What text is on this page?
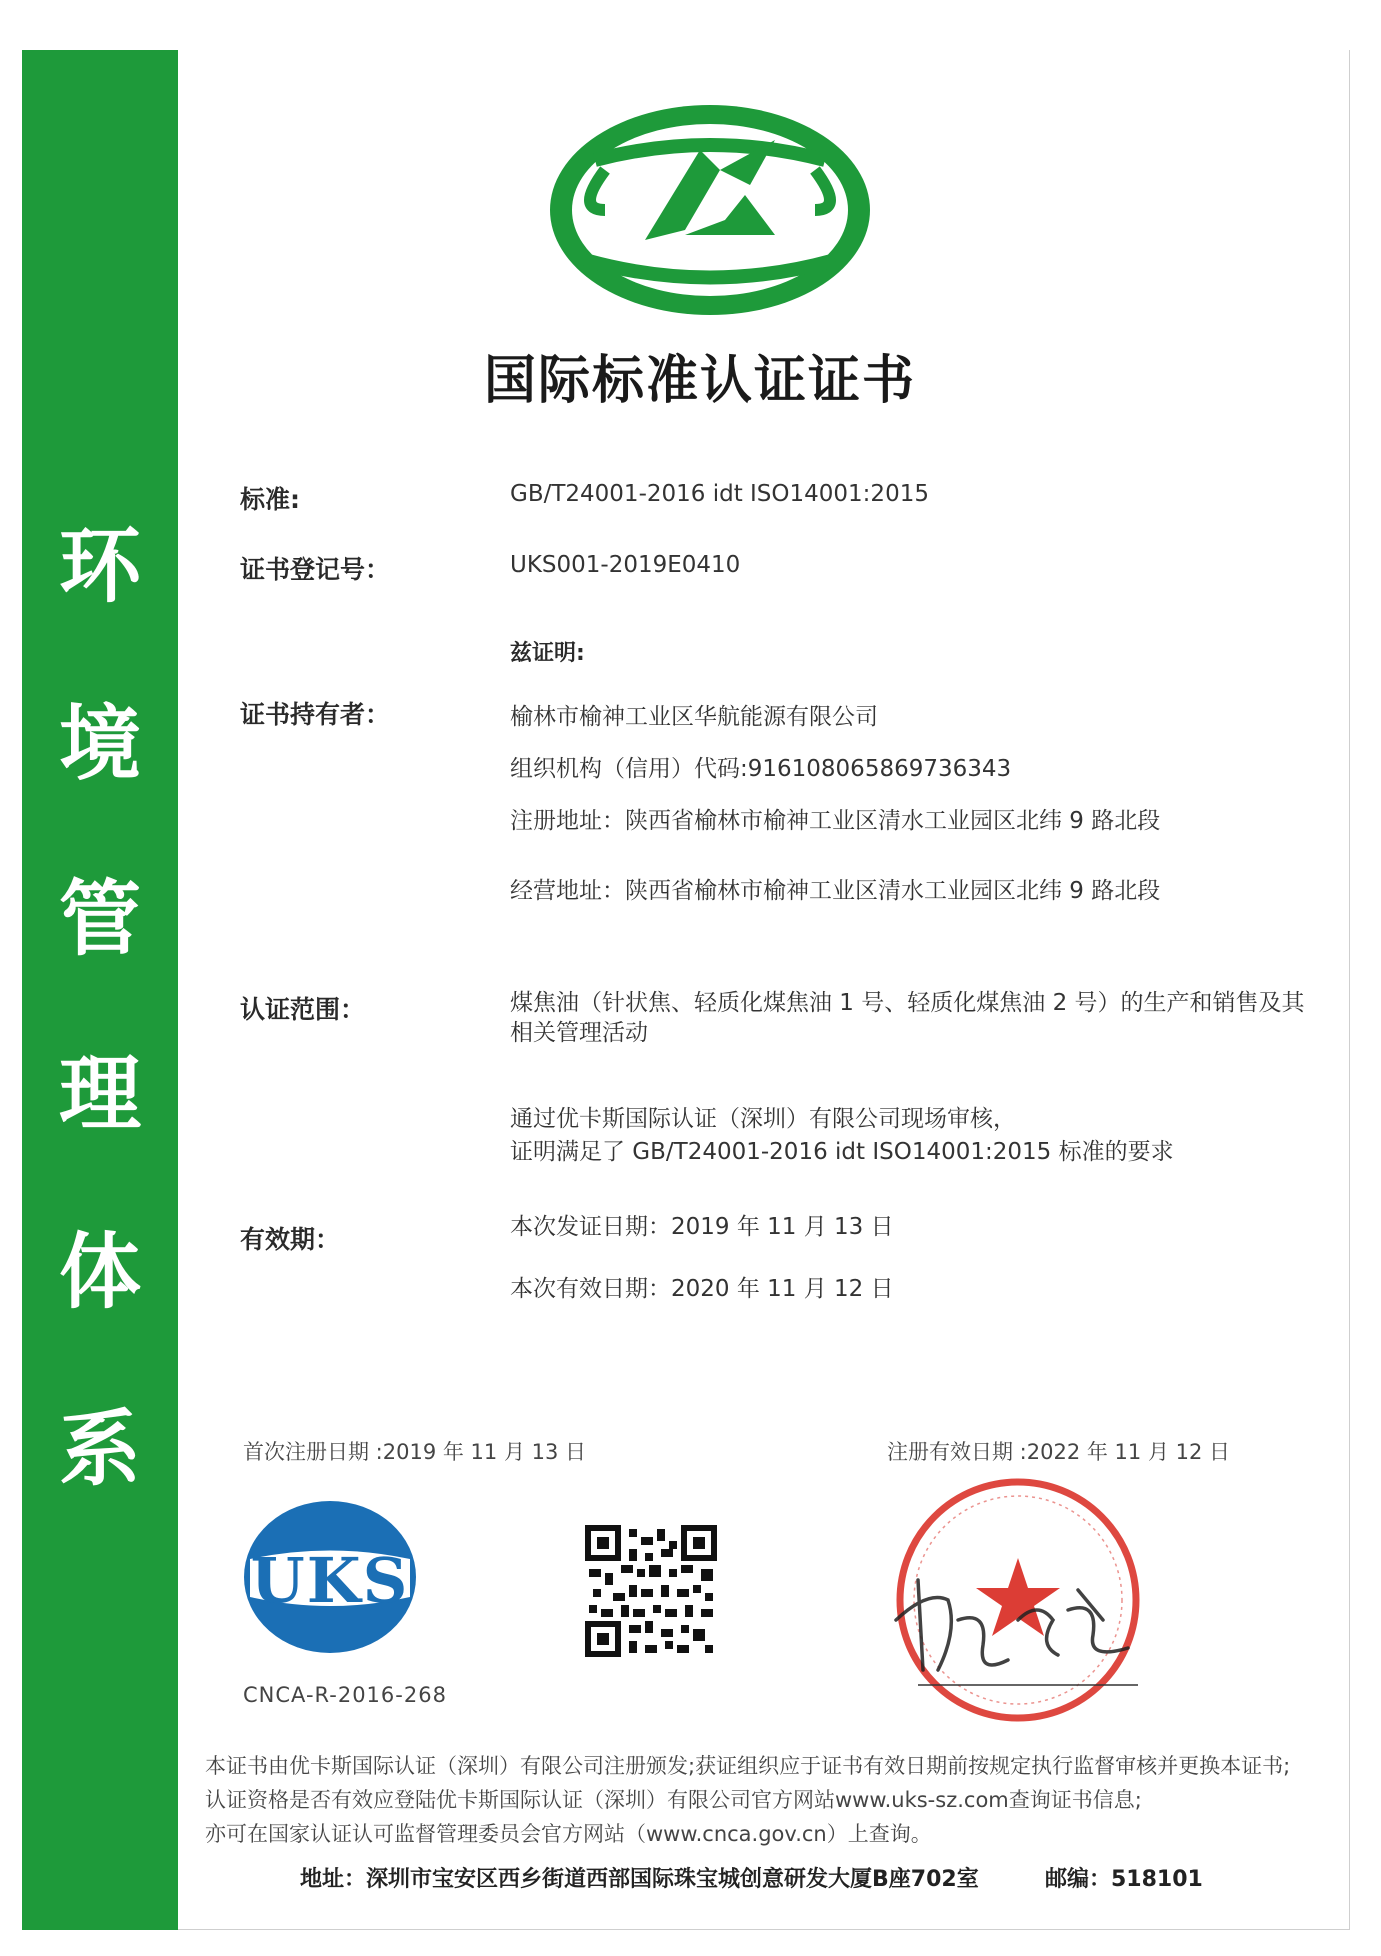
环
境
管
理
体
系
国际标准认证证书
标准:	GB/T24001-2016 idt ISO14001:2015
证书登记号：	UKS001-2019E0410
兹证明:
证书持有者：	榆林市榆神工业区华航能源有限公司
组织机构（信用）代码:916108065869736343
注册地址：陕西省榆林市榆神工业区清水工业园区北纬 9 路北段
经营地址：陕西省榆林市榆神工业区清水工业园区北纬 9 路北段
认证范围：	煤焦油（针状焦、轻质化煤焦油 1 号、轻质化煤焦油 2 号）的生产和销售及其相关管理活动
通过优卡斯国际认证（深圳）有限公司现场审核，
证明满足了 GB/T24001-2016 idt ISO14001:2015 标准的要求
有效期：	本次发证日期：2019 年 11 月 13 日
本次有效日期：2020 年 11 月 12 日
首次注册日期 :2019 年 11 月 13 日	注册有效日期 :2022 年 11 月 12 日
UKS
CNCA-R-2016-268
本证书由优卡斯国际认证（深圳）有限公司注册颁发;获证组织应于证书有效日期前按规定执行监督审核并更换本证书;
认证资格是否有效应登陆优卡斯国际认证（深圳）有限公司官方网站www.uks-sz.com查询证书信息;
亦可在国家认证认可监督管理委员会官方网站（www.cnca.gov.cn）上查询。
地址：深圳市宝安区西乡街道西部国际珠宝城创意研发大厦B座702室	邮编：518101
